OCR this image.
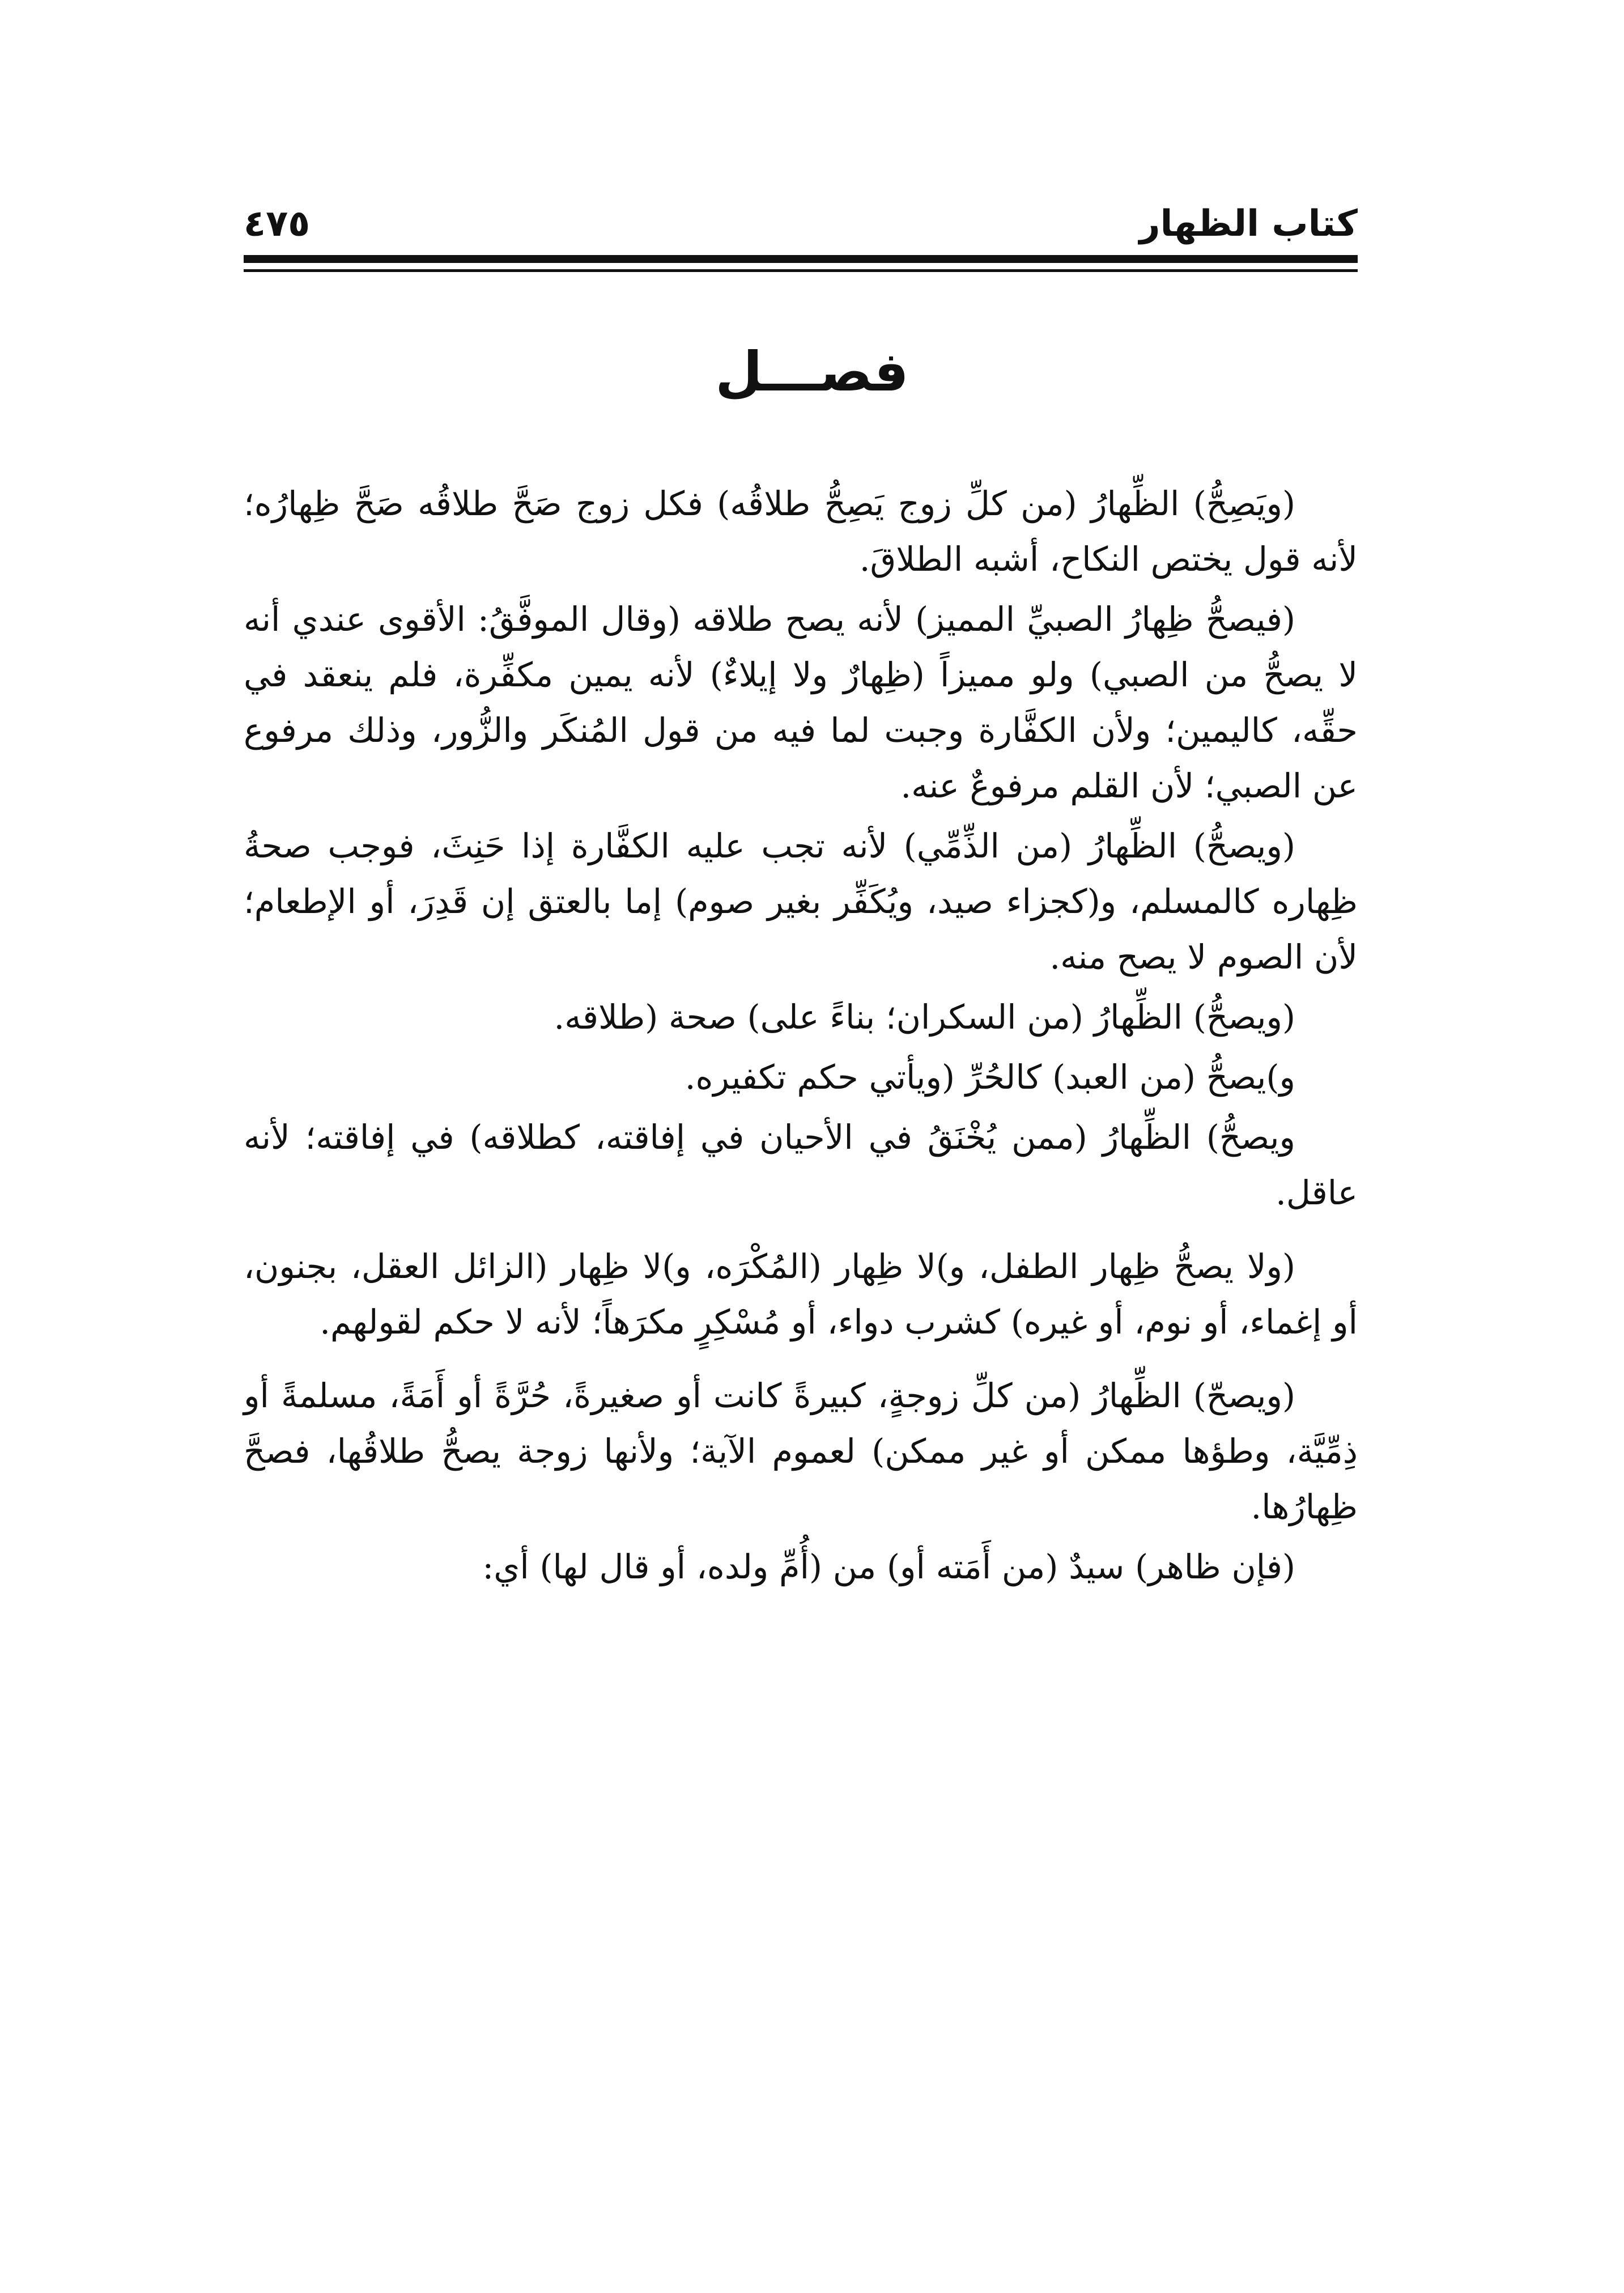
٤٧٥	كتاب الظهار
فصـــل

(ويَصِحُّ) الظِّهارُ (من كلِّ زوج يَصِحُّ طلاقُه) فكل زوج صَحَّ طلاقُه صَحَّ ظِهارُه؛ لأنه قول يختص النكاح، أشبه الطلاقَ.

(فيصحُّ ظِهارُ الصبيِّ المميز) لأنه يصح طلاقه (وقال الموفَّقُ: الأقوى عندي أنه لا يصحُّ من الصبي) ولو مميزاً (ظِهارٌ ولا إيلاءٌ) لأنه يمين مكفِّرة، فلم ينعقد في حقِّه، كاليمين؛ ولأن الكفَّارة وجبت لما فيه من قول المُنكَر والزُّور، وذلك مرفوع عن الصبي؛ لأن القلم مرفوعٌ عنه.

(ويصحُّ) الظِّهارُ (من الذِّمِّي) لأنه تجب عليه الكفَّارة إذا حَنِثَ، فوجب صحةُ ظِهاره كالمسلم، و(كجزاء صيد، ويُكَفِّر بغير صوم) إما بالعتق إن قَدِرَ، أو الإطعام؛ لأن الصوم لا يصح منه.

(ويصحُّ) الظِّهارُ (من السكران؛ بناءً على) صحة (طلاقه.

و)يصحُّ (من العبد) كالحُرِّ (ويأتي حكم تكفيره.

ويصحُّ) الظِّهارُ (ممن يُخْنَقُ في الأحيان في إفاقته، كطلاقه) في إفاقته؛ لأنه عاقل.

(ولا يصحُّ ظِهار الطفل، و)لا ظِهار (المُكْرَه، و)لا ظِهار (الزائل العقل، بجنون، أو إغماء، أو نوم، أو غيره) كشرب دواء، أو مُسْكِرٍ مكرَهاً؛ لأنه لا حكم لقولهم.

(ويصحّ) الظِّهارُ (من كلِّ زوجةٍ، كبيرةً كانت أو صغيرةً، حُرَّةً أو أَمَةً، مسلمةً أو ذِمِّيَّة، وطؤها ممكن أو غير ممكن) لعموم الآية؛ ولأنها زوجة يصحُّ طلاقُها، فصحَّ ظِهارُها.

(فإن ظاهر) سيدٌ (من أَمَته أو) من (أُمِّ ولده، أو قال لها) أي:
